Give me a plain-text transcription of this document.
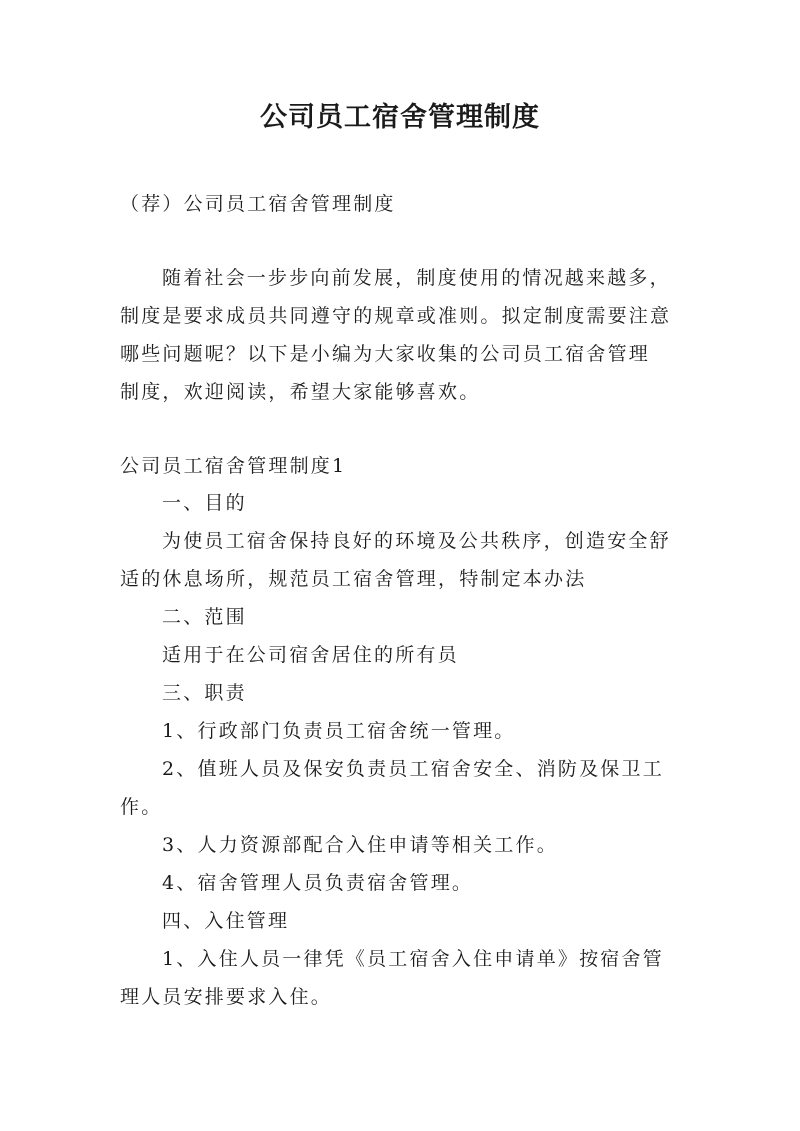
公司员工宿舍管理制度
（荐）公司员工宿舍管理制度
随着社会一步步向前发展，制度使用的情况越来越多，
制度是要求成员共同遵守的规章或准则。拟定制度需要注意
哪些问题呢？以下是小编为大家收集的公司员工宿舍管理
制度，欢迎阅读，希望大家能够喜欢。
公司员工宿舍管理制度1
一、目的
为使员工宿舍保持良好的环境及公共秩序，创造安全舒
适的休息场所，规范员工宿舍管理，特制定本办法
二、范围
适用于在公司宿舍居住的所有员
三、职责
1、行政部门负责员工宿舍统一管理。
2、值班人员及保安负责员工宿舍安全、消防及保卫工
作。
3、人力资源部配合入住申请等相关工作。
4、宿舍管理人员负责宿舍管理。
四、入住管理
1、入住人员一律凭《员工宿舍入住申请单》按宿舍管
理人员安排要求入住。
